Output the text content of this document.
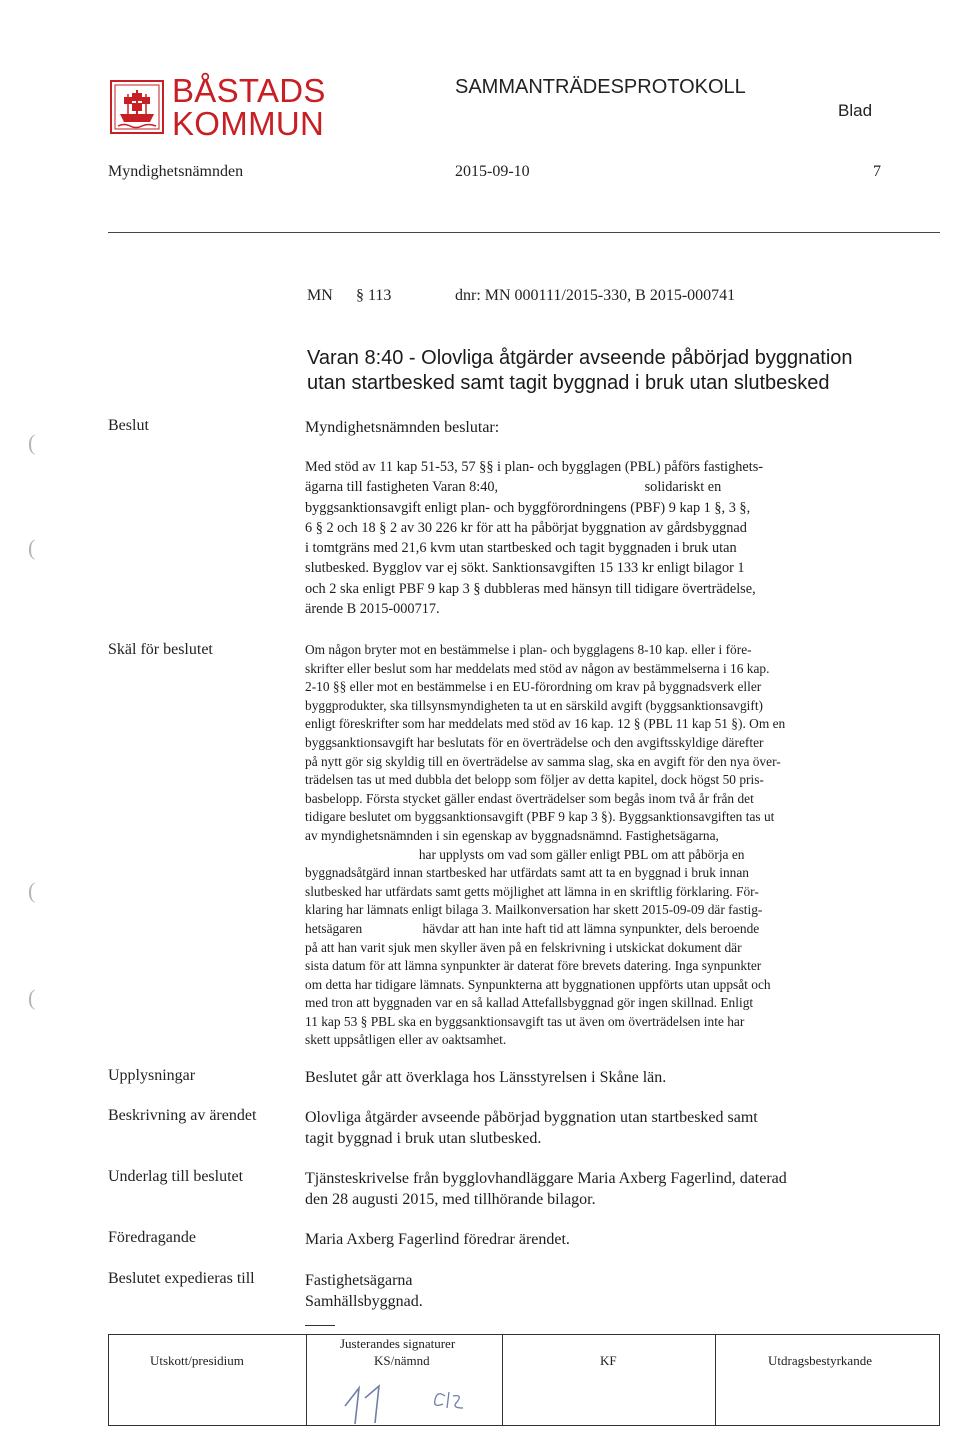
BÅSTADS
KOMMUN
SAMMANTRÄDESPROTOKOLL
Blad
Myndighetsnämnden	2015-09-10	7
MN § 113	dnr: MN 000111/2015-330, B 2015-000741
Varan 8:40 - Olovliga åtgärder avseende påbörjad byggnation
utan startbesked samt tagit byggnad i bruk utan slutbesked
(
(
(
(
Beslut	Myndighetsnämnden beslutar:

Med stöd av 11 kap 51-53, 57 §§ i plan- och bygglagen (PBL) påförs fastighets-

ägarna till fastigheten Varan 8:40,                                         solidariskt en

byggsanktionsavgift enligt plan- och byggförordningens (PBF) 9 kap 1 §, 3 §,

6 § 2 och 18 § 2 av 30 226 kr för att ha påbörjat byggnation av gårdsbyggnad

i tomtgräns med 21,6 kvm utan startbesked och tagit byggnaden i bruk utan

slutbesked. Bygglov var ej sökt. Sanktionsavgiften 15 133 kr enligt bilagor 1

och 2 ska enligt PBF 9 kap 3 § dubbleras med hänsyn till tidigare överträdelse,

ärende B 2015-000717.

Skäl för beslutet	Om någon bryter mot en bestämmelse i plan- och bygglagens 8-10 kap. eller i före-

skrifter eller beslut som har meddelats med stöd av någon av bestämmelserna i 16 kap.

2-10 §§ eller mot en bestämmelse i en EU-förordning om krav på byggnadsverk eller

byggprodukter, ska tillsynsmyndigheten ta ut en särskild avgift (byggsanktionsavgift)

enligt föreskrifter som har meddelats med stöd av 16 kap. 12 § (PBL 11 kap 51 §). Om en

byggsanktionsavgift har beslutats för en överträdelse och den avgiftsskyldige därefter

på nytt gör sig skyldig till en överträdelse av samma slag, ska en avgift för den nya över-

trädelsen tas ut med dubbla det belopp som följer av detta kapitel, dock högst 50 pris-

basbelopp. Första stycket gäller endast överträdelser som begås inom två år från det

tidigare beslutet om byggsanktionsavgift (PBF 9 kap 3 §). Byggsanktionsavgiften tas ut

av myndighetsnämnden i sin egenskap av byggnadsnämnd. Fastighetsägarna,

har upplysts om vad som gäller enligt PBL om att påbörja en

byggnadsåtgärd innan startbesked har utfärdats samt att ta en byggnad i bruk innan

slutbesked har utfärdats samt getts möjlighet att lämna in en skriftlig förklaring. För-

klaring har lämnats enligt bilaga 3. Mailkonversation har skett 2015-09-09 där fastig-

hetsägaren                  hävdar att han inte haft tid att lämna synpunkter, dels beroende

på att han varit sjuk men skyller även på en felskrivning i utskickat dokument där

sista datum för att lämna synpunkter är daterat före brevets datering. Inga synpunkter

om detta har tidigare lämnats. Synpunkterna att byggnationen uppförts utan uppsåt och

med tron att byggnaden var en så kallad Attefallsbyggnad gör ingen skillnad. Enligt

11 kap 53 § PBL ska en byggsanktionsavgift tas ut även om överträdelsen inte har

skett uppsåtligen eller av oaktsamhet.

Upplysningar	Beslutet går att överklaga hos Länsstyrelsen i Skåne län.

Beskrivning av ärendet	Olovliga åtgärder avseende påbörjad byggnation utan startbesked samt

tagit byggnad i bruk utan slutbesked.

Underlag till beslutet	Tjänsteskrivelse från bygglovhandläggare Maria Axberg Fagerlind, daterad

den 28 augusti 2015, med tillhörande bilagor.

Föredragande	Maria Axberg Fagerlind föredrar ärendet.

Beslutet expedieras till	Fastighetsägarna

Samhällsbyggnad.

Justerandes signaturer
Utskott/presidium	KS/nämnd	KF	Utdragsbestyrkande
